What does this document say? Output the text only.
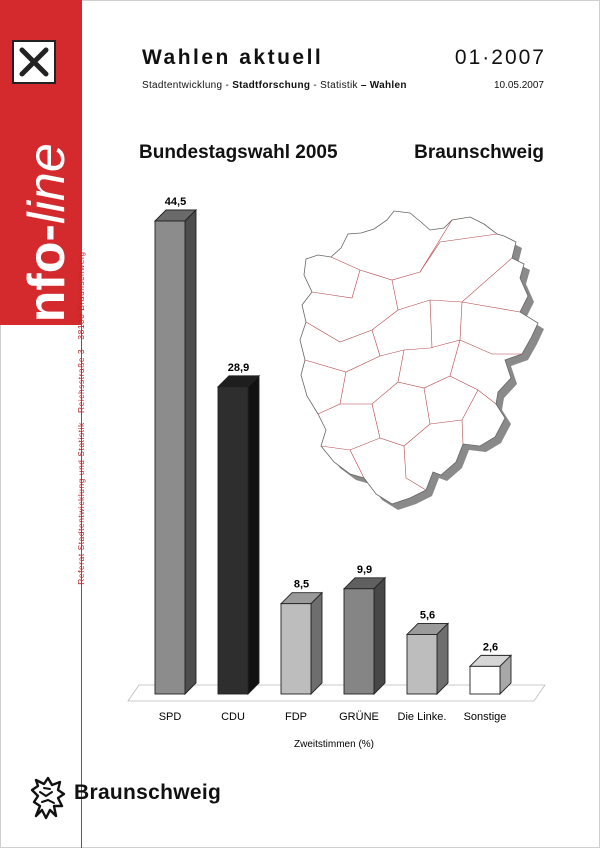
info-line
Referat Stadtentwicklung und Statistik · Reichsstraße 3 - 38100 Braunschweig
Wahlen aktuell	01·2007
Stadtentwicklung - Stadtforschung - Statistik – Wahlen	10.05.2007
Bundestagswahl 2005	Braunschweig
44,5
28,9
8,5
9,9
5,6
2,6
SPD	CDU	FDP	GRÜNE Die Linke. Sonstige
Zweitstimmen (%)
Braunschweig
